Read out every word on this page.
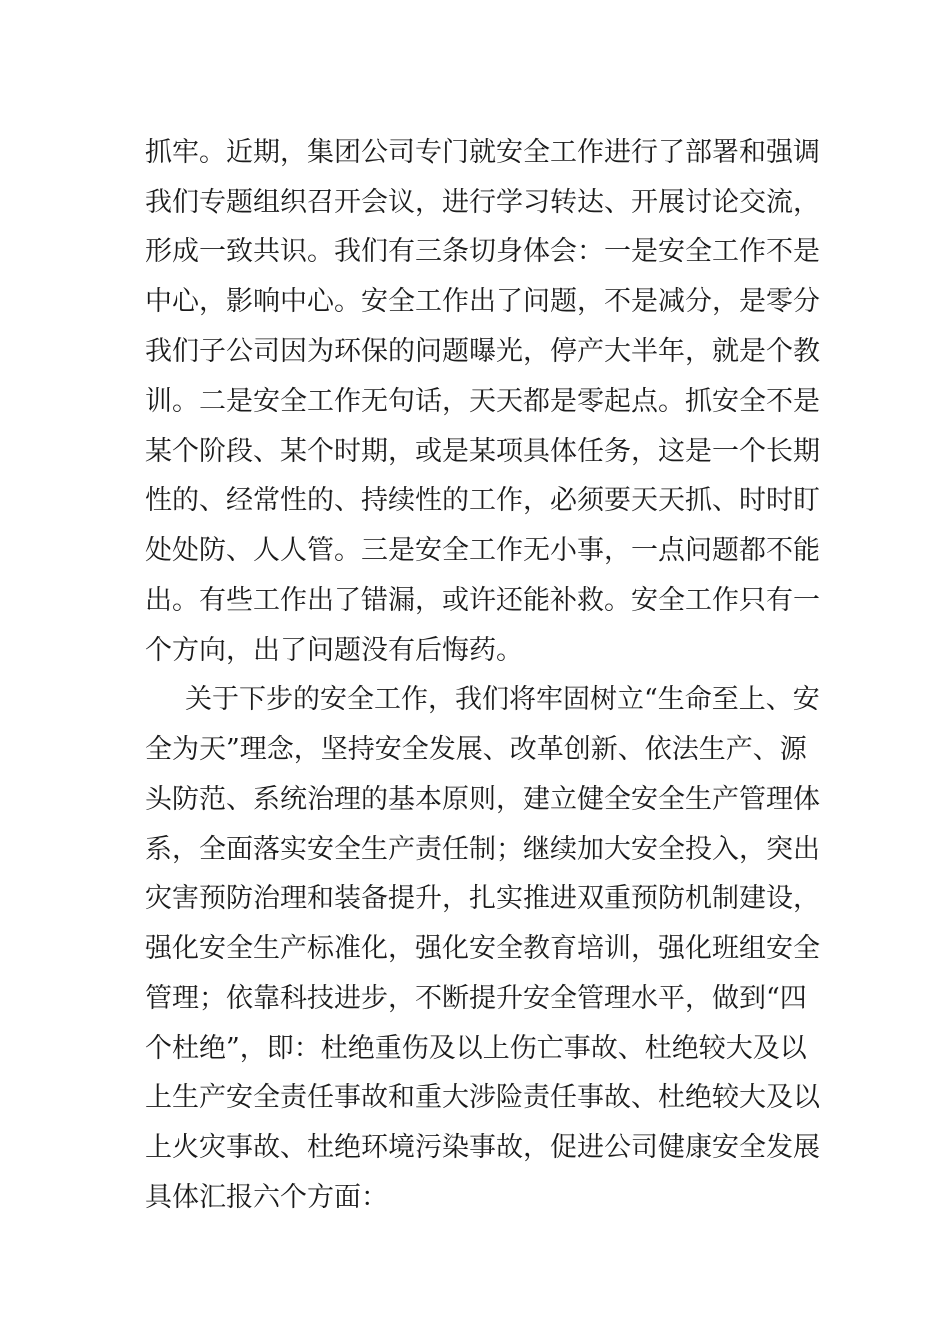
抓牢。近期，集团公司专门就安全工作进行了部署和强调
我们专题组织召开会议，进行学习转达、开展讨论交流，
形成一致共识。我们有三条切身体会：一是安全工作不是
中心，影响中心。安全工作出了问题，不是减分，是零分
我们子公司因为环保的问题曝光，停产大半年，就是个教
训。二是安全工作无句话，天天都是零起点。抓安全不是
某个阶段、某个时期，或是某项具体任务，这是一个长期
性的、经常性的、持续性的工作，必须要天天抓、时时盯
处处防、人人管。三是安全工作无小事，一点问题都不能
出。有些工作出了错漏，或许还能补救。安全工作只有一
个方向，出了问题没有后悔药。
关于下步的安全工作，我们将牢固树立“生命至上、安
全为天”理念，坚持安全发展、改革创新、依法生产、源
头防范、系统治理的基本原则，建立健全安全生产管理体
系，全面落实安全生产责任制；继续加大安全投入，突出
灾害预防治理和装备提升，扎实推进双重预防机制建设，
强化安全生产标准化，强化安全教育培训，强化班组安全
管理；依靠科技进步，不断提升安全管理水平，做到“四
个杜绝”，即：杜绝重伤及以上伤亡事故、杜绝较大及以
上生产安全责任事故和重大涉险责任事故、杜绝较大及以
上火灾事故、杜绝环境污染事故，促进公司健康安全发展
具体汇报六个方面：
